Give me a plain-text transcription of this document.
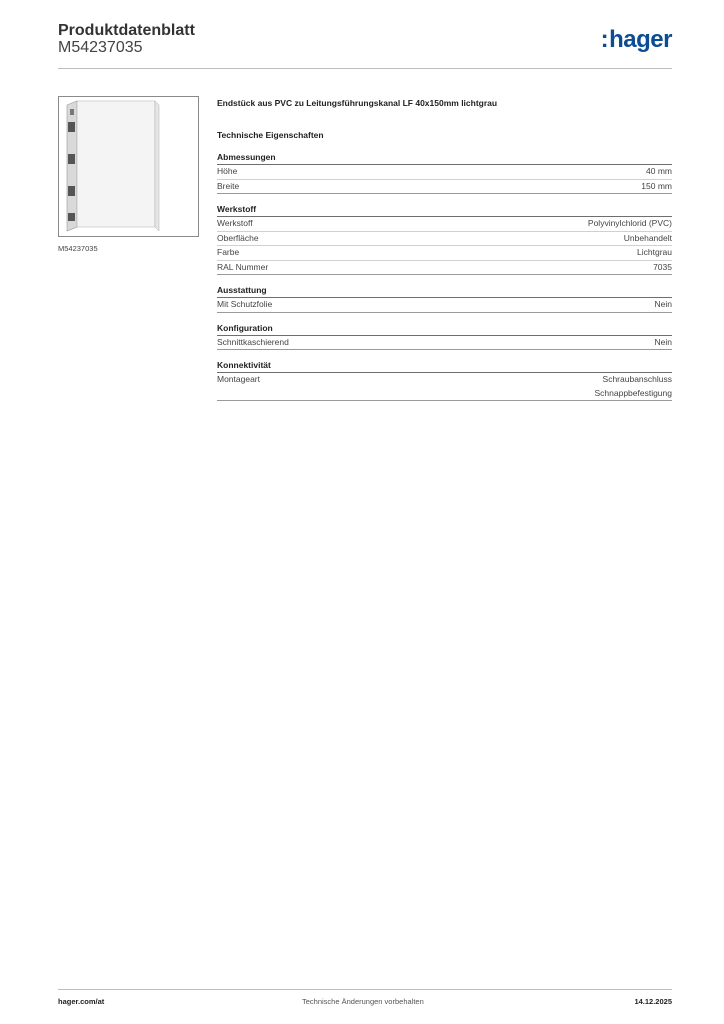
Produktdatenblatt
M54237035	:hager
M54237035
Endstück aus PVC zu Leitungsführungskanal LF 40x150mm lichtgrau
Technische Eigenschaften
Abmessungen
Höhe	40 mm
Breite	150 mm
Werkstoff
Werkstoff	Polyvinylchlorid (PVC)
Oberfläche	Unbehandelt
Farbe	Lichtgrau
RAL Nummer	7035
Ausstattung
Mit Schutzfolie	Nein
Konfiguration
Schnittkaschierend	Nein
Konnektivität
Montageart	Schraubanschluss
Schnappbefestigung
hager.com/at	Technische Änderungen vorbehalten	14.12.2025
